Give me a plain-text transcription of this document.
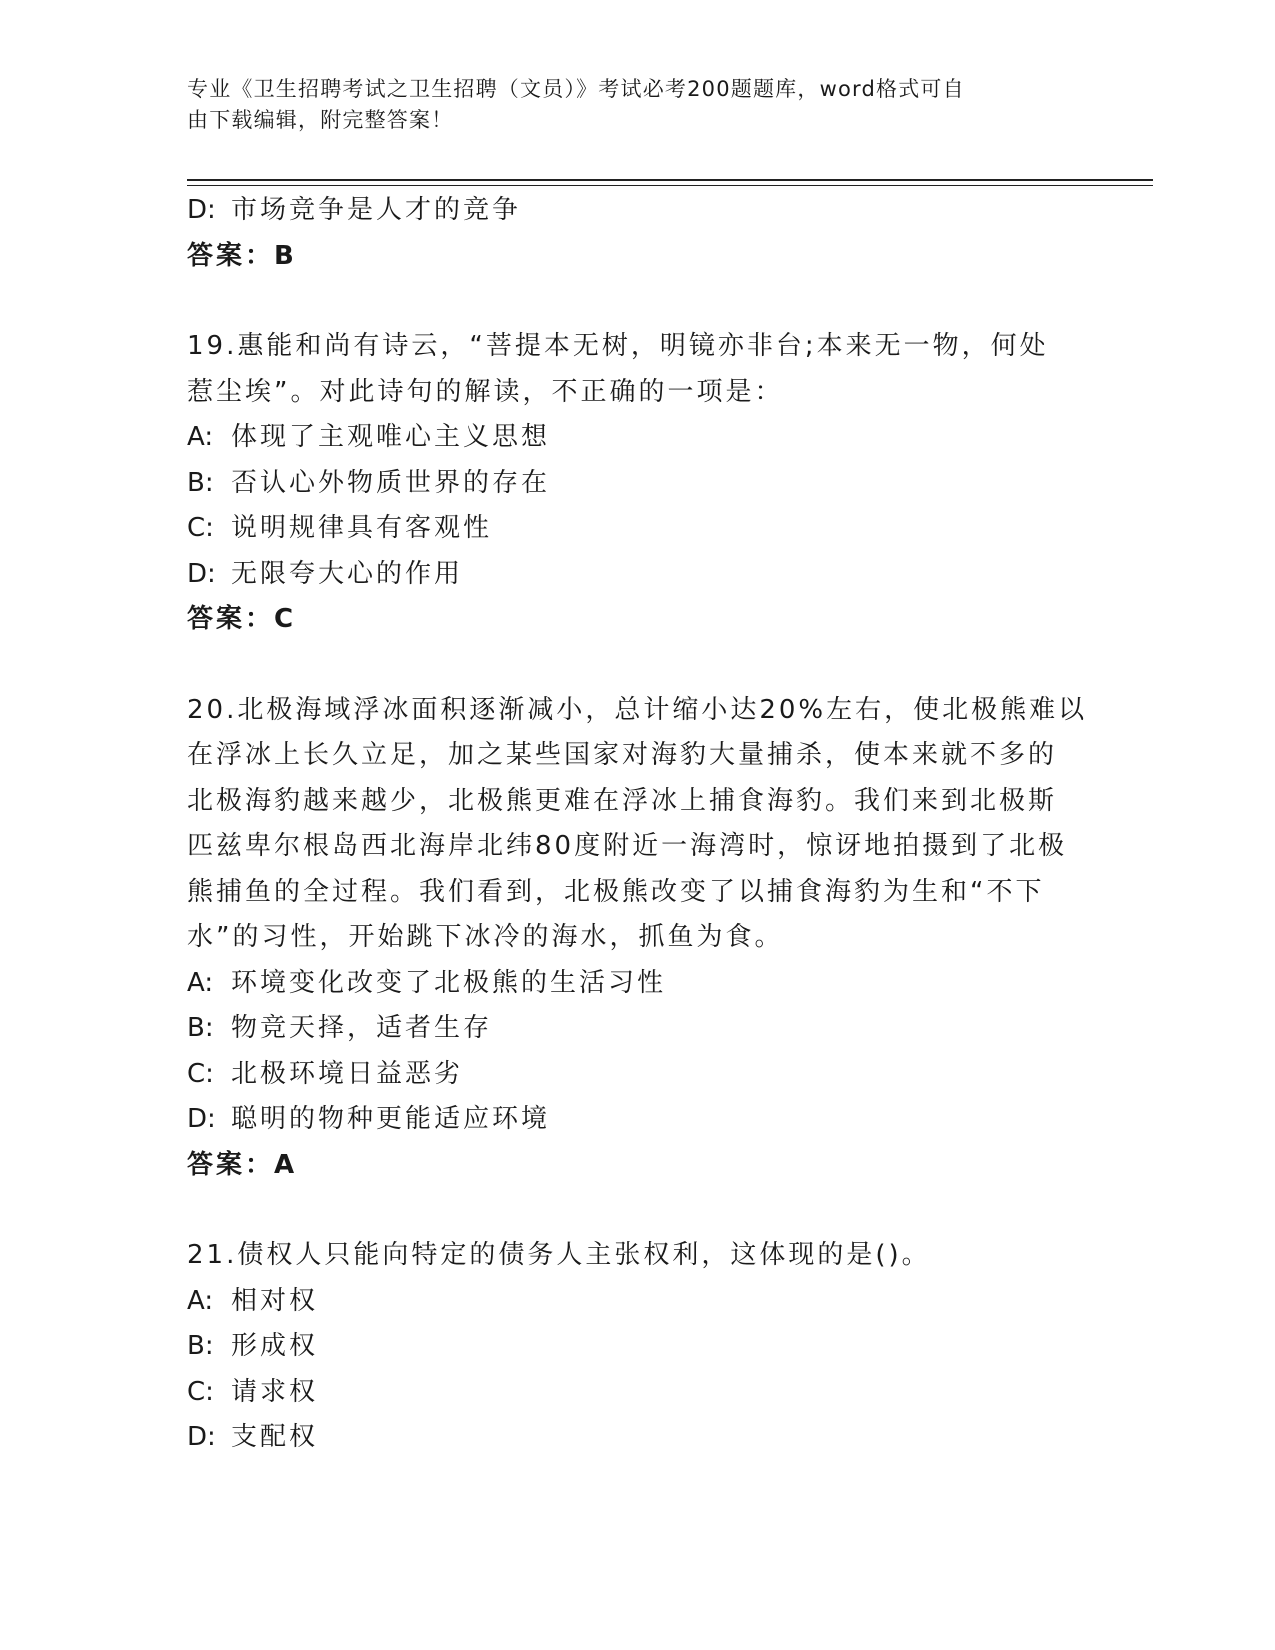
专业《卫生招聘考试之卫生招聘（文员）》考试必考200题题库，word格式可自
由下载编辑，附完整答案！
D: 市场竞争是人才的竞争
答案：B
19.惠能和尚有诗云，“菩提本无树，明镜亦非台;本来无一物，何处
惹尘埃”。对此诗句的解读，不正确的一项是：
A: 体现了主观唯心主义思想
B: 否认心外物质世界的存在
C: 说明规律具有客观性
D: 无限夸大心的作用
答案：C
20.北极海域浮冰面积逐渐减小，总计缩小达20%左右，使北极熊难以
在浮冰上长久立足，加之某些国家对海豹大量捕杀，使本来就不多的
北极海豹越来越少，北极熊更难在浮冰上捕食海豹。我们来到北极斯
匹兹卑尔根岛西北海岸北纬80度附近一海湾时，惊讶地拍摄到了北极
熊捕鱼的全过程。我们看到，北极熊改变了以捕食海豹为生和“不下
水”的习性，开始跳下冰冷的海水，抓鱼为食。
A: 环境变化改变了北极熊的生活习性
B: 物竞天择，适者生存
C: 北极环境日益恶劣
D: 聪明的物种更能适应环境
答案：A
21.债权人只能向特定的债务人主张权利，这体现的是()。
A: 相对权
B: 形成权
C: 请求权
D: 支配权
